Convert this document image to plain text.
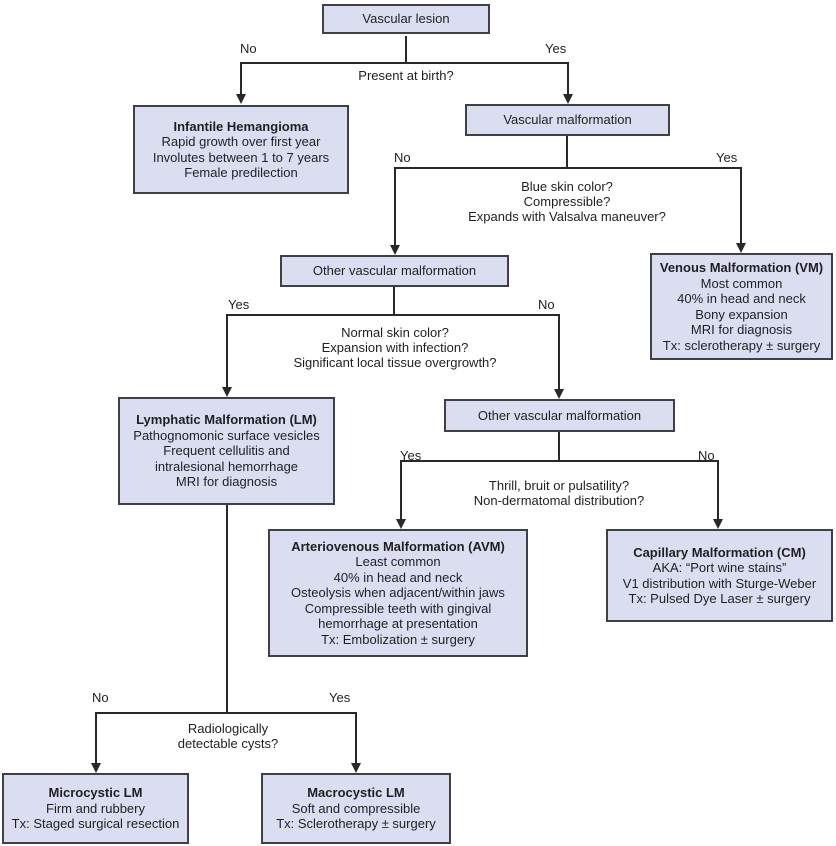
Vascular lesion
No	Yes
Present at birth?
Infantile Hemangioma
Rapid growth over first year
Involutes between 1 to 7 years
Female predilection
Vascular malformation
No	Yes
Blue skin color?
Compressible?
Expands with Valsalva maneuver?
Other vascular malformation	Venous Malformation (VM)
Most common
40% in head and neck
Bony expansion
MRI for diagnosis
Tx: sclerotherapy ± surgery
Yes	No
Normal skin color?
Expansion with infection?
Significant local tissue overgrowth?
Lymphatic Malformation (LM)
Pathognomonic surface vesicles
Frequent cellulitis and
intralesional hemorrhage
MRI for diagnosis
Other vascular malformation
Yes	No
Thrill, bruit or pulsatility?
Non-dermatomal distribution?
Arteriovenous Malformation (AVM)
Least common
40% in head and neck
Osteolysis when adjacent/within jaws
Compressible teeth with gingival
hemorrhage at presentation
Tx: Embolization ± surgery
Capillary Malformation (CM)
AKA: “Port wine stains”
V1 distribution with Sturge-Weber
Tx: Pulsed Dye Laser ± surgery
No	Yes
Radiologically
detectable cysts?
Microcystic LM
Firm and rubbery
Tx: Staged surgical resection
Macrocystic LM
Soft and compressible
Tx: Sclerotherapy ± surgery
